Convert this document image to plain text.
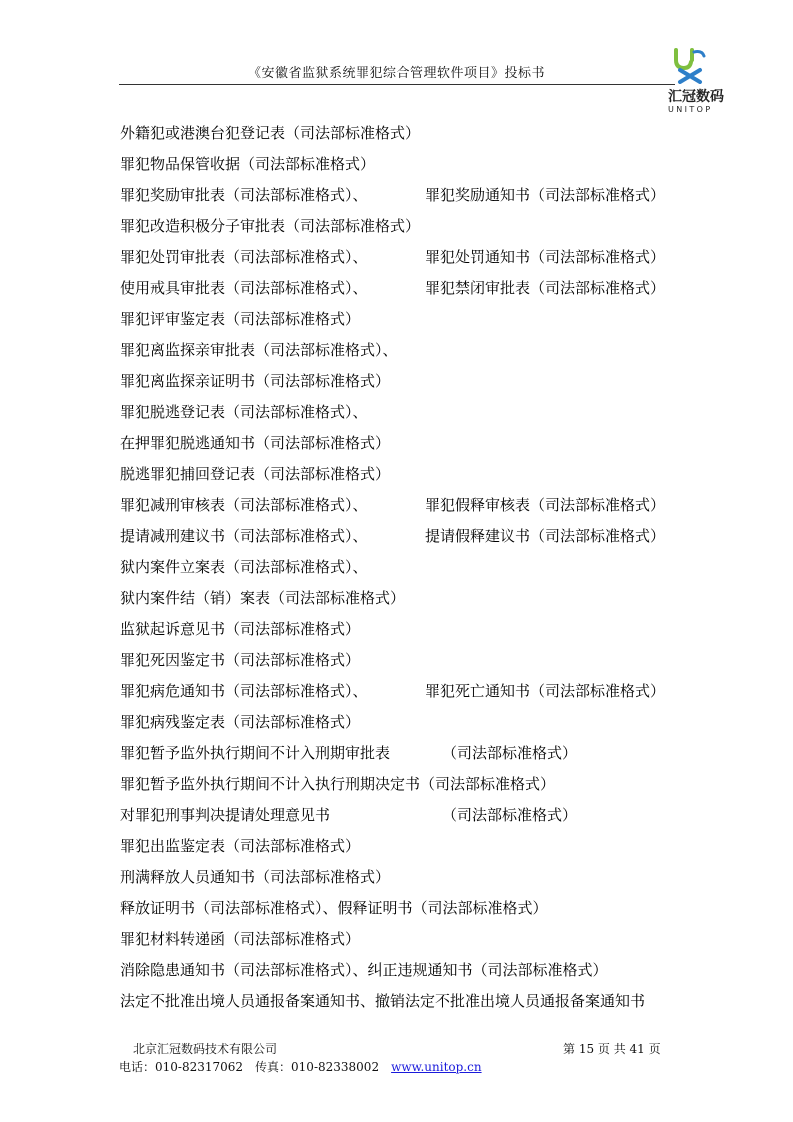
《安徽省监狱系统罪犯综合管理软件项目》投标书
汇冠数码
UNITOP
外籍犯或港澳台犯登记表（司法部标准格式）
罪犯物品保管收据（司法部标准格式）
罪犯奖励审批表（司法部标准格式）、	罪犯奖励通知书（司法部标准格式）
罪犯改造积极分子审批表（司法部标准格式）
罪犯处罚审批表（司法部标准格式）、	罪犯处罚通知书（司法部标准格式）
使用戒具审批表（司法部标准格式）、	罪犯禁闭审批表（司法部标准格式）
罪犯评审鉴定表（司法部标准格式）
罪犯离监探亲审批表（司法部标准格式）、
罪犯离监探亲证明书（司法部标准格式）
罪犯脱逃登记表（司法部标准格式）、
在押罪犯脱逃通知书（司法部标准格式）
脱逃罪犯捕回登记表（司法部标准格式）
罪犯减刑审核表（司法部标准格式）、	罪犯假释审核表（司法部标准格式）
提请减刑建议书（司法部标准格式）、	提请假释建议书（司法部标准格式）
狱内案件立案表（司法部标准格式）、
狱内案件结（销）案表（司法部标准格式）
监狱起诉意见书（司法部标准格式）
罪犯死因鉴定书（司法部标准格式）
罪犯病危通知书（司法部标准格式）、	罪犯死亡通知书（司法部标准格式）
罪犯病残鉴定表（司法部标准格式）
罪犯暂予监外执行期间不计入刑期审批表	（司法部标准格式）
罪犯暂予监外执行期间不计入执行刑期决定书（司法部标准格式）
对罪犯刑事判决提请处理意见书	（司法部标准格式）
罪犯出监鉴定表（司法部标准格式）
刑满释放人员通知书（司法部标准格式）
释放证明书（司法部标准格式）、假释证明书（司法部标准格式）
罪犯材料转递函（司法部标准格式）
消除隐患通知书（司法部标准格式）、纠正违规通知书（司法部标准格式）
法定不批准出境人员通报备案通知书、撤销法定不批准出境人员通报备案通知书
北京汇冠数码技术有限公司	第 15 页 共 41 页
电话：010-82317062　传真：010-82338002 www.unitop.cn
